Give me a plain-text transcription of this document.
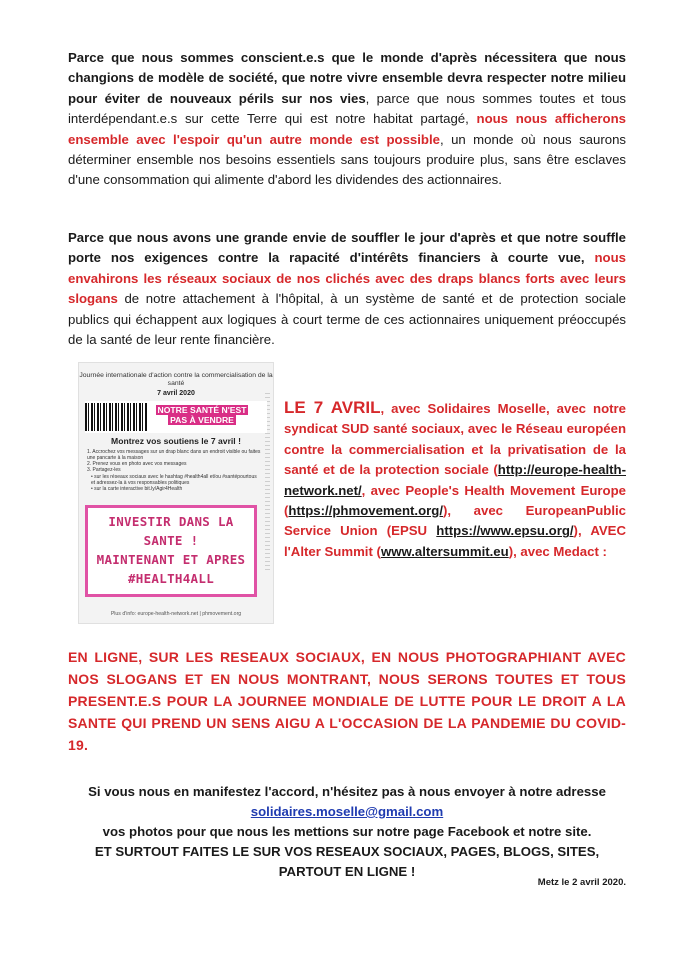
Parce que nous sommes conscient.e.s que le monde d'après nécessitera que nous changions de modèle de société, que notre vivre ensemble devra respecter notre milieu pour éviter de nouveaux périls sur nos vies, parce que nous sommes toutes et tous interdépendant.e.s sur cette Terre qui est notre habitat partagé, nous nous afficherons ensemble avec l'espoir qu'un autre monde est possible, un monde où nous saurons déterminer ensemble nos besoins essentiels sans toujours produire plus, sans être esclaves d'une consommation qui alimente d'abord les dividendes des actionnaires.

Parce que nous avons une grande envie de souffler le jour d'après et que notre souffle porte nos exigences contre la rapacité d'intérêts financiers à courte vue, nous envahirons les réseaux sociaux de nos clichés avec des draps blancs forts avec leurs slogans de notre attachement à l'hôpital, à un système de santé et de protection sociale publics qui échappent aux logiques à court terme de ces actionnaires uniquement préoccupés de la santé de leur rente financière.

Journée internationale d'action contre la commercialisation de la santé
7 avril 2020
NOTRE SANTÉ N'EST
PAS À VENDRE
Montrez vos soutiens le 7 avril !
1. Accrochez vos messages sur un drap blanc dans un endroit visible ou faites une pancarte à la maison
2. Prenez vous en photo avec vos messages
3. Partagez-les
• sur les réseaux sociaux avec le hashtag #health4all et/ou #santépourtous et adressez-la à vos responsables politiques
• sur la carte interactive bit.ly/Agir4Health
INVESTIR DANS LA
SANTE !
MAINTENANT ET APRES
#HEALTH4ALL
Plus d'info: europe-health-network.net | phmovement.org

LE 7 AVRIL, avec Solidaires Moselle, avec notre syndicat SUD santé sociaux, avec le Réseau européen contre la commercialisation et la privatisation de la santé et de la protection sociale (http://europe-health-network.net/, avec People's Health Movement Europe (https://phmovement.org/), avec EuropeanPublic Service Union (EPSU https://www.epsu.org/), AVEC l'Alter Summit (www.altersummit.eu), avec Medact :

EN LIGNE, SUR LES RESEAUX SOCIAUX, EN NOUS PHOTOGRAPHIANT AVEC NOS SLOGANS ET EN NOUS MONTRANT, NOUS SERONS TOUTES ET TOUS PRESENT.E.S POUR LA JOURNEE MONDIALE DE LUTTE POUR LE DROIT A LA SANTE QUI PREND UN SENS AIGU A L'OCCASION DE LA PANDEMIE DU COVID-19.

Si vous nous en manifestez l'accord, n'hésitez pas à nous envoyer à notre adresse

solidaires.moselle@gmail.com

vos photos pour que nous les mettions sur notre page Facebook et notre site.

ET SURTOUT FAITES LE SUR VOS RESEAUX SOCIAUX, PAGES, BLOGS, SITES,

PARTOUT EN LIGNE !

Metz le 2 avril 2020.
